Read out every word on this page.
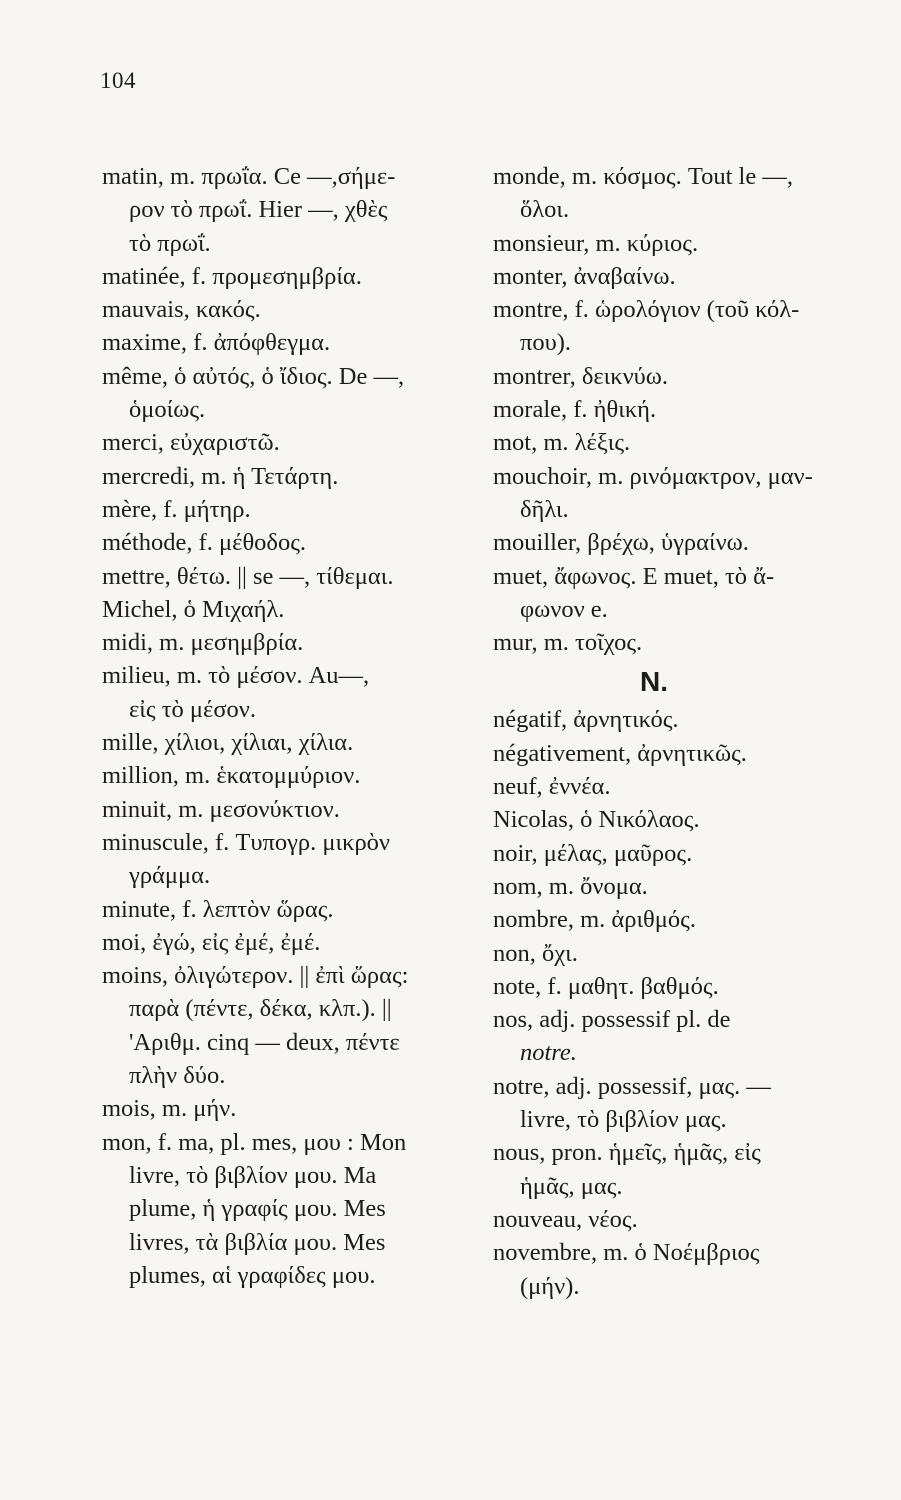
104
matin, m. πρωΐα. Ce —,σήμε-
ρον τὸ πρωΐ. Hier —, χθὲς
τὸ πρωΐ.
matinée, f. προμεσημβρία.
mauvais, κακός.
maxime, f. ἀπόφθεγμα.
même, ὁ αὐτός, ὁ ἴδιος. De —,
ὁμοίως.
merci, εὐχαριστῶ.
mercredi, m. ἡ Τετάρτη.
mère, f. μήτηρ.
méthode, f. μέθοδος.
mettre, θέτω. || se —, τίθεμαι.
Michel, ὁ Μιχαήλ.
midi, m. μεσημβρία.
milieu, m. τὸ μέσον. Au—,
εἰς τὸ μέσον.
mille, χίλιοι, χίλιαι, χίλια.
million, m. ἑκατομμύριον.
minuit, m. μεσονύκτιον.
minuscule, f. Τυπογρ. μικρὸν
γράμμα.
minute, f. λεπτὸν ὥρας.
moi, ἐγώ, εἰς ἐμέ, ἐμέ.
moins, ὀλιγώτερον. || ἐπὶ ὥρας:
παρὰ (πέντε, δέκα, κλπ.). ||
'Αριθμ. cinq — deux, πέντε
πλὴν δύο.
mois, m. μήν.
mon, f. ma, pl. mes, μου : Mon
livre, τὸ βιβλίον μου. Ma
plume, ἡ γραφίς μου. Mes
livres, τὰ βιβλία μου. Mes
plumes, αἱ γραφίδες μου.
monde, m. κόσμος. Tout le —,
ὅλοι.
monsieur, m. κύριος.
monter, ἀναβαίνω.
montre, f. ὡρολόγιον (τοῦ κόλ-
που).
montrer, δεικνύω.
morale, f. ἠθική.
mot, m. λέξις.
mouchoir, m. ρινόμακτρον, μαν-
δῆλι.
mouiller, βρέχω, ὑγραίνω.
muet, ἄφωνος. E muet, τὸ ἄ-
φωνον e.
mur, m. τοῖχος.
N.
négatif, ἀρνητικός.
négativement, ἀρνητικῶς.
neuf, ἐννέα.
Nicolas, ὁ Νικόλαος.
noir, μέλας, μαῦρος.
nom, m. ὄνομα.
nombre, m. ἀριθμός.
non, ὄχι.
note, f. μαθητ. βαθμός.
nos, adj. possessif pl. de
notre.
notre, adj. possessif, μας. —
livre, τὸ βιβλίον μας.
nous, pron. ἡμεῖς, ἡμᾶς, εἰς
ἡμᾶς, μας.
nouveau, νέος.
novembre, m. ὁ Νοέμβριος
(μήν).
